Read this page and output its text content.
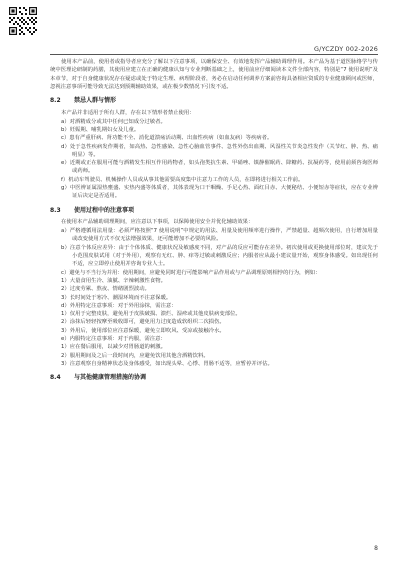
G/YCZDY 002-2026

使用本产品前，使用者或指导者应充分了解以下注意事项，以确保安全、有效地发挥产品辅助调理作用。本产品为基于道医脉络学与传统中医理论研制的药膳，其使用应建立在正确的健康认知与专业判断基础之上，使用前应仔细阅读本文件全部内容，特别是“7 使用说明”及本章节，对于自身健康状况存在疑虑或处于特定生理、病理阶段者，务必在启动任何调养方案前咨询具备相应资质的专业健康顾问或医师，忽视注意事项可能导致无法达到预期辅助效果，或在极少数情况下引发不适。

8.2	禁忌人群与情形

本产品并非适用于所有人群，存在以下情形者禁止使用：

a）对酒精成分或其中任何已知成分过敏者。

b）妊娠期、哺乳期妇女及儿童。

c）患有严重肝病、肾功能不全、消化道溃疡活动期、出血性疾病（如血友病）等疾病者。

d）处于急性疾病发作期者，如高热、急性感染、急性心脑血管事件、急性外伤出血期、风湿性关节炎急性发作（关节红、肿、热、痛明显）等。

e）近期或正在服用可能与酒精发生相互作用药物者，如头孢类抗生素、甲硝唑、镇静催眠药、降糖药、抗凝药等，使用前须咨询医师或药师。

f）机动车驾驶员、机械操作人员或从事其他需要高度集中注意力工作的人员，在即将进行相关工作前。

g）中医辨证属湿热壅盛、实热内盛等体质者，其体表现为口干咽燥、手足心热、面红目赤、大便秘结、小便短赤等症状，应在专业辨证后决定是否适用。

8.3	使用过程中的注意事项

在使用本产品辅助调理期间，应注意以下事项，以保障使用安全并优化辅助效果：

a）严格遵循用法用量：必须严格按照“7 使用说明”中规定的用法、用量及使用频率进行操作，严禁超量、超频次使用，自行增加用量或改变使用方式不仅无法增强效果，还可能增加不必要的风险。

b）注意个体反应差异：由于个体体质、健康状况及敏感度不同，对产品的反应可能存在差异。初次使用或更换使用部位时，建议先于小范围皮肤试用（对于外用），观察有无红、肿、痒等过敏或刺激反应；内服者应从最小建议量开始，观察身体感受。如出现任何不适，应立即停止使用并咨询专业人士。

c）避免与不当行为并用：使用期间，应避免同时进行可能影响产品作用或与产品调理原则相悖的行为，例如：

1）大量食用生冷、油腻、辛辣刺激性食物。

2）过度劳累、熬夜、情绪剧烈波动。

3）长时间处于寒冷、潮湿环境而不注意保暖。

d）外用特定注意事项：对于外用涂抹，需注意：

1）仅用于完整皮肤，避免用于皮肤破损、溃烂、湿疹或其他皮肤病变部位。

2）涂抹后轻轻按摩至吸收即可，避免用力过度造成软组织二次损伤。

3）外用后，使用部位应注意保暖，避免立即吹风、受凉或接触冷水。

e）内服特定注意事项：对于内服，需注意：

1）应在餐后服用，以减少对胃肠道的刺激。

2）服用期间及之后一段时间内，应避免饮用其他含酒精饮料。

3）注意观察自身精神状态及身体感受，如出现头晕、心悸、胃肠不适等，应暂停并评估。

8.4	与其他健康管理措施的协调
8
